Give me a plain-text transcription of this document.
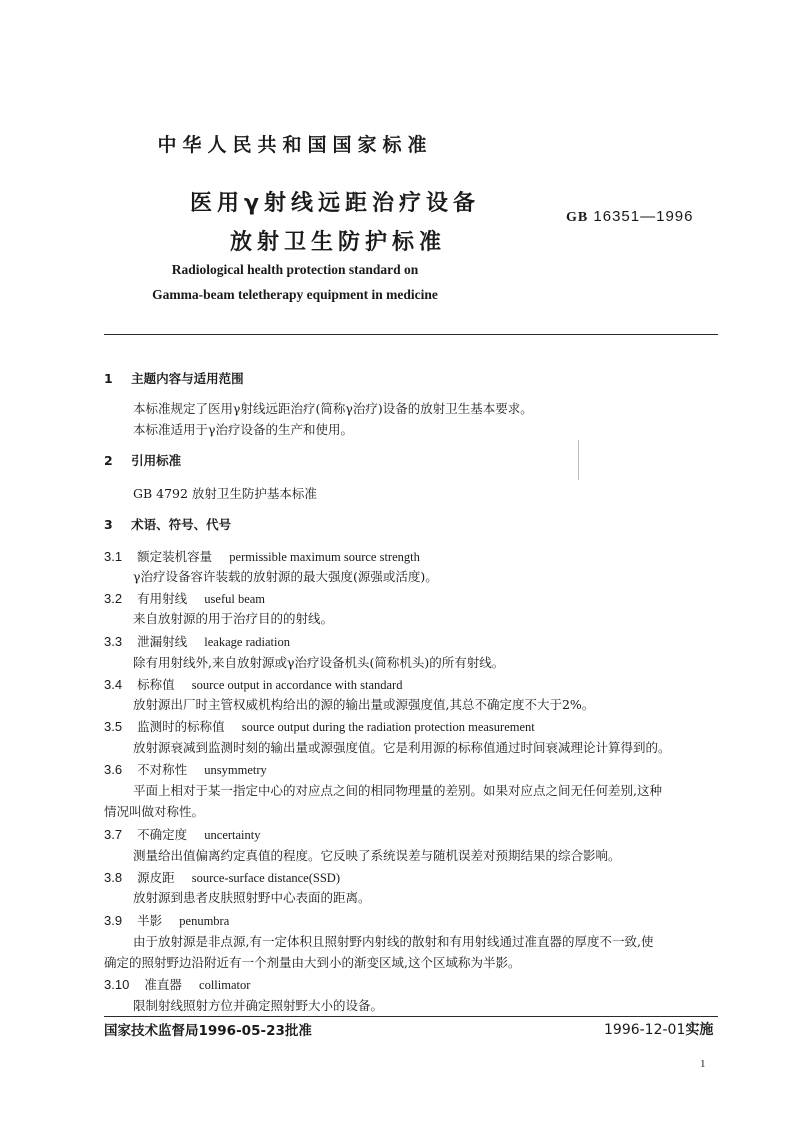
中华人民共和国国家标准
医用γ射线远距治疗设备
放射卫生防护标准
GB 16351—1996
Radiological health protection standard on
Gamma-beam teletherapy equipment in medicine
1 主题内容与适用范围
本标准规定了医用γ射线远距治疗(简称γ治疗)设备的放射卫生基本要求。
本标准适用于γ治疗设备的生产和使用。
2 引用标准
GB 4792 放射卫生防护基本标准
3 术语、符号、代号
3.1 额定装机容量 permissible maximum source strength
γ治疗设备容许装载的放射源的最大强度(源强或活度)。
3.2 有用射线 useful beam
来自放射源的用于治疗目的的射线。
3.3 泄漏射线 leakage radiation
除有用射线外,来自放射源或γ治疗设备机头(简称机头)的所有射线。
3.4 标称值 source output in accordance with standard
放射源出厂时主管权威机构给出的源的输出量或源强度值,其总不确定度不大于2%。
3.5 监测时的标称值 source output during the radiation protection measurement
放射源衰减到监测时刻的输出量或源强度值。它是利用源的标称值通过时间衰减理论计算得到的。
3.6 不对称性 unsymmetry
平面上相对于某一指定中心的对应点之间的相同物理量的差别。如果对应点之间无任何差别,这种
情况叫做对称性。
3.7 不确定度 uncertainty
测量给出值偏离约定真值的程度。它反映了系统误差与随机误差对预期结果的综合影响。
3.8 源皮距 source-surface distance(SSD)
放射源到患者皮肤照射野中心表面的距离。
3.9 半影 penumbra
由于放射源是非点源,有一定体积且照射野内射线的散射和有用射线通过准直器的厚度不一致,使
确定的照射野边沿附近有一个剂量由大到小的渐变区域,这个区域称为半影。
3.10 准直器 collimator
限制射线照射方位并确定照射野大小的设备。
国家技术监督局1996-05-23批准	1996-12-01实施
1
